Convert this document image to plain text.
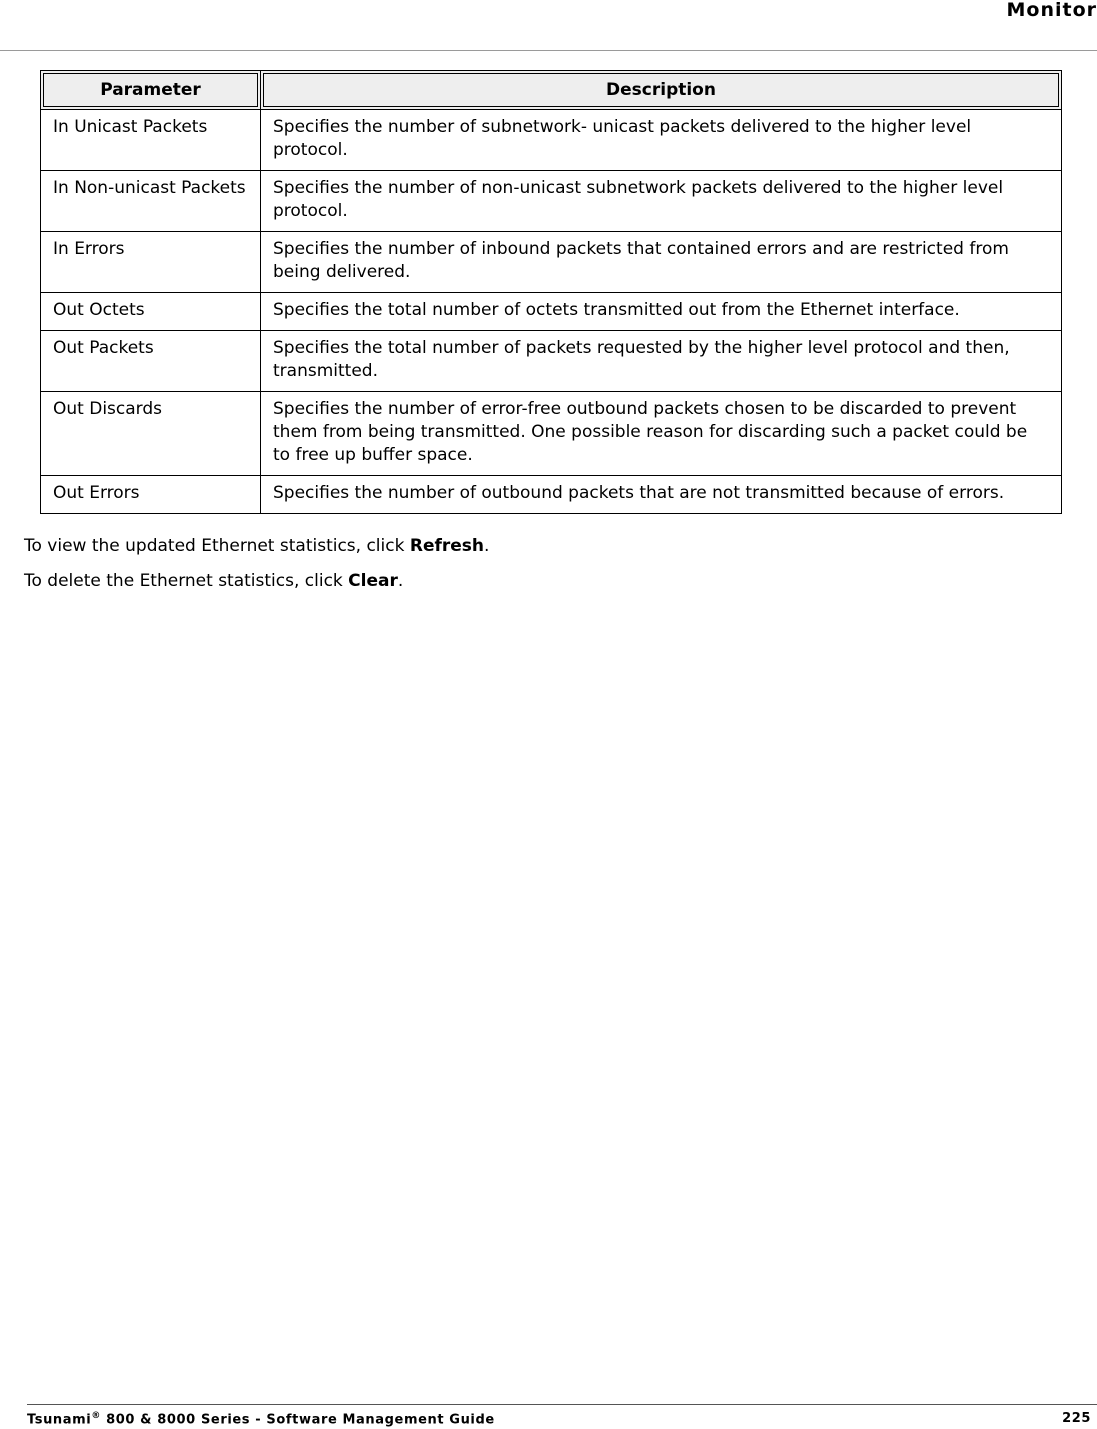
Monitor
Parameter	Description

In Unicast Packets	Specifies the number of subnetwork- unicast packets delivered to the higher level protocol.
In Non-unicast Packets	Specifies the number of non-unicast subnetwork packets delivered to the higher level protocol.
In Errors	Specifies the number of inbound packets that contained errors and are restricted from being delivered.
Out Octets	Specifies the total number of octets transmitted out from the Ethernet interface.
Out Packets	Specifies the total number of packets requested by the higher level protocol and then, transmitted.
Out Discards	Specifies the number of error-free outbound packets chosen to be discarded to prevent them from being transmitted. One possible reason for discarding such a packet could be to free up buffer space.
Out Errors	Specifies the number of outbound packets that are not transmitted because of errors.

To view the updated Ethernet statistics, click Refresh.

To delete the Ethernet statistics, click Clear.

Tsunami® 800 & 8000 Series - Software Management Guide	225
